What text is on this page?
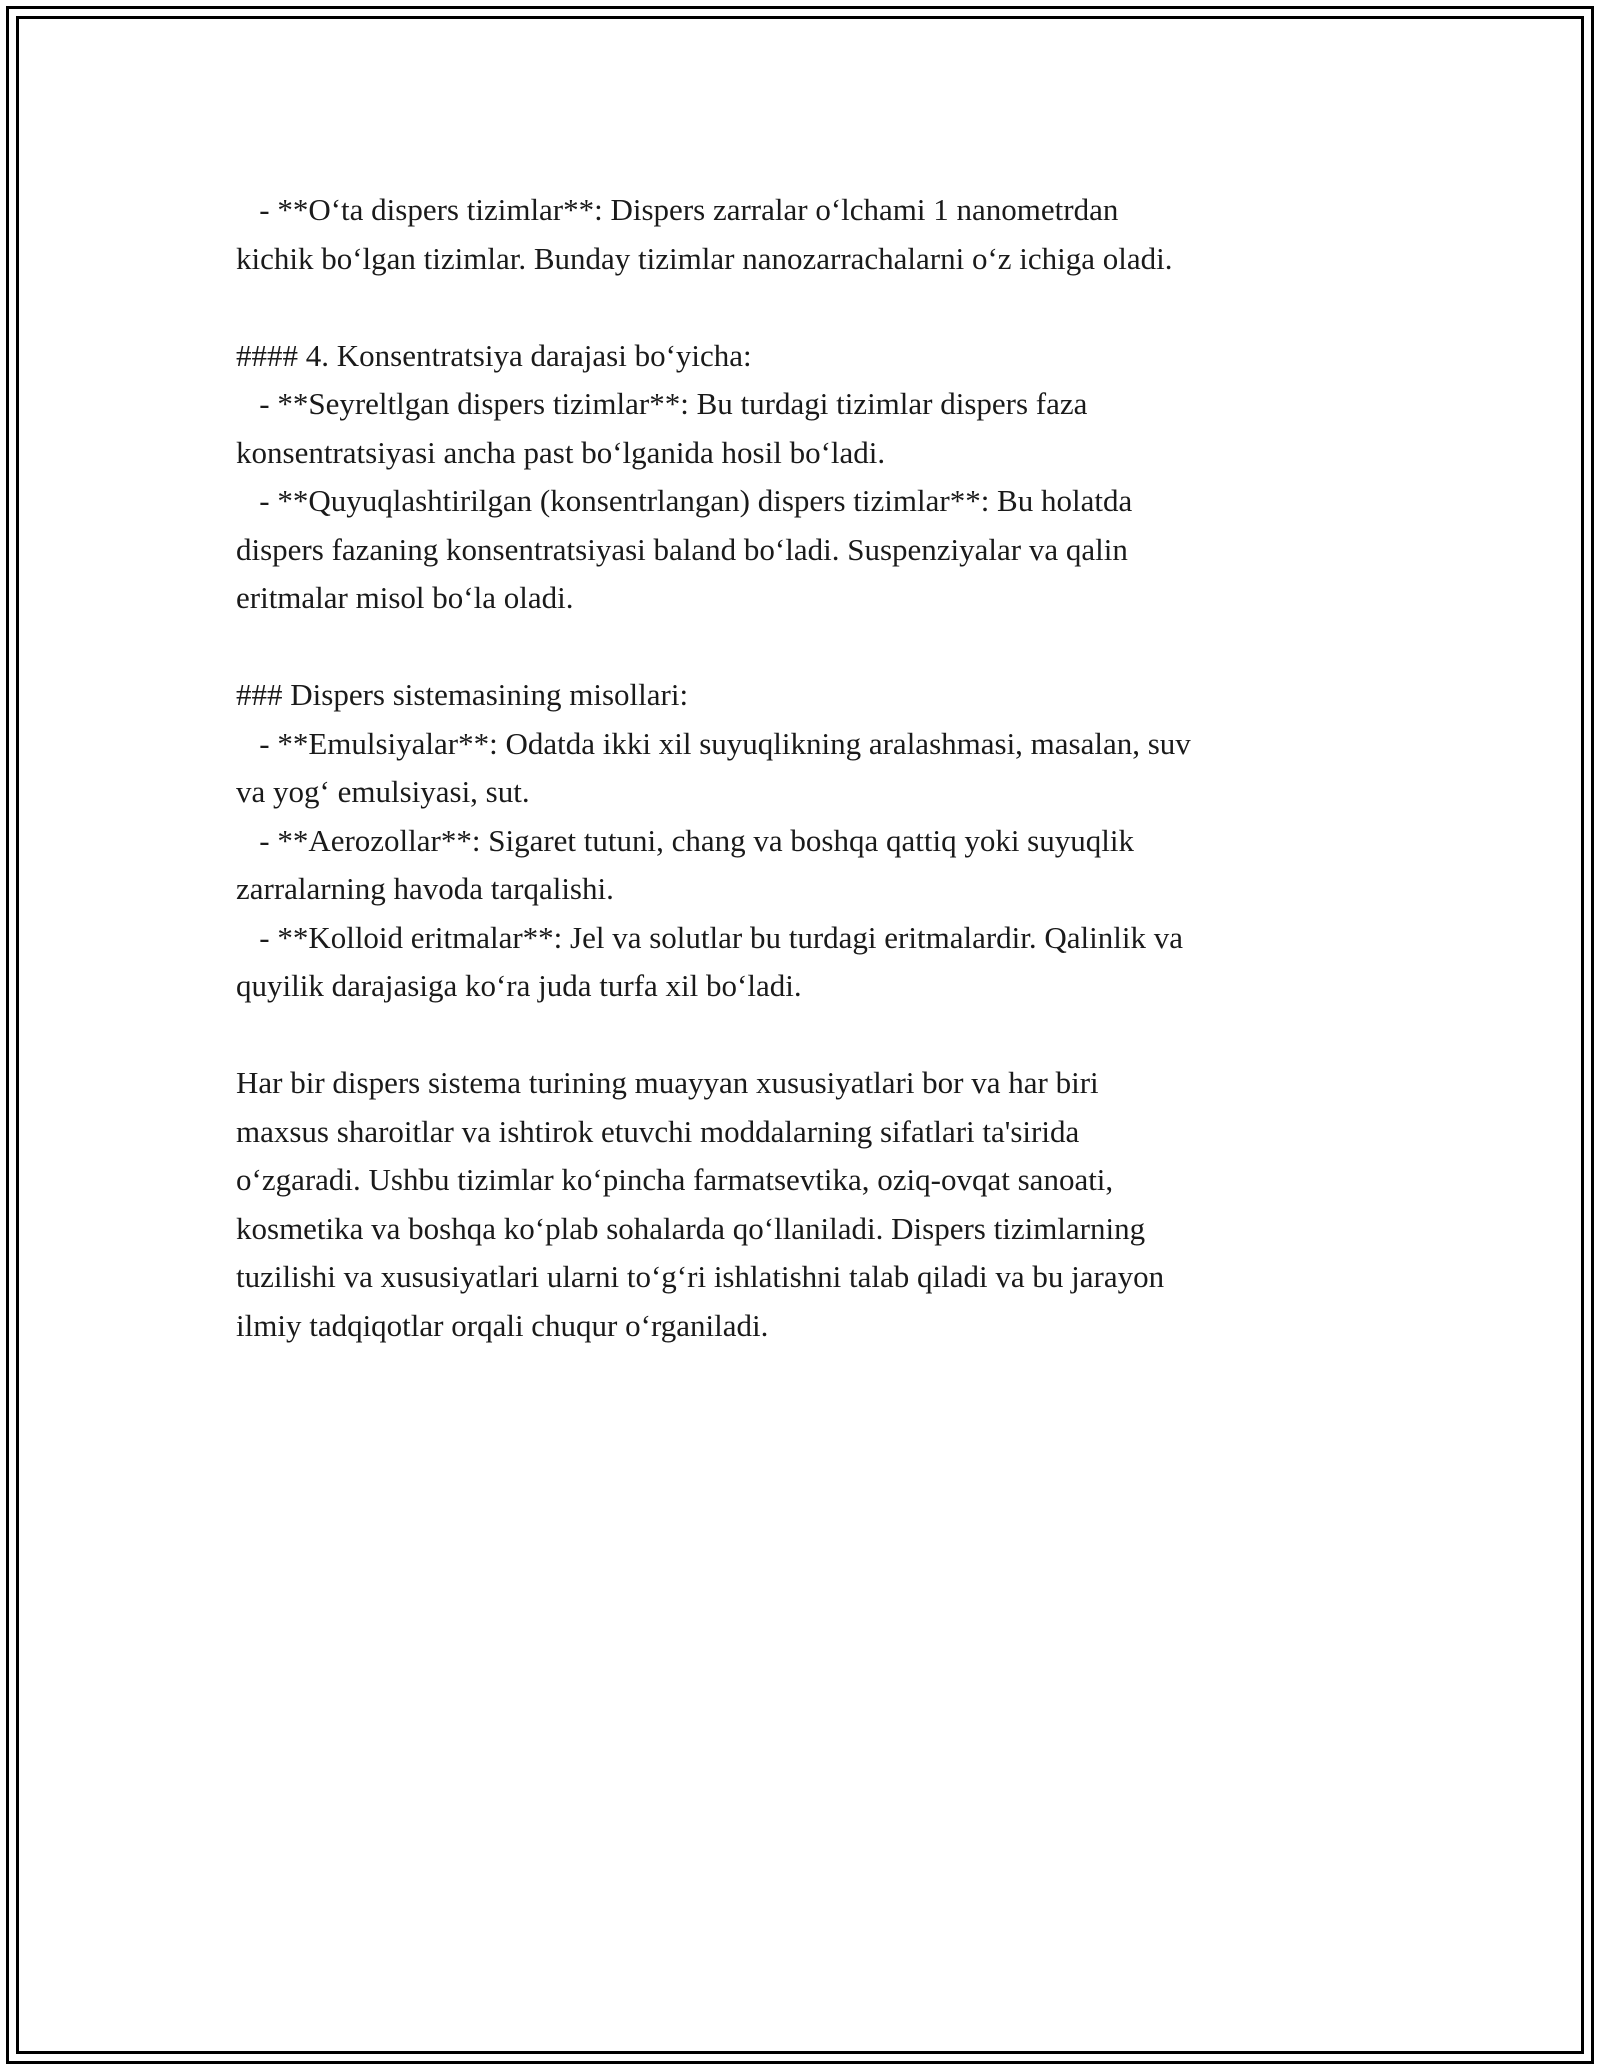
- **O‘ta dispers tizimlar**: Dispers zarralar o‘lchami 1 nanometrdan
kichik bo‘lgan tizimlar. Bunday tizimlar nanozarrachalarni o‘z ichiga oladi.
#### 4. Konsentratsiya darajasi bo‘yicha:
- **Seyreltlgan dispers tizimlar**: Bu turdagi tizimlar dispers faza
konsentratsiyasi ancha past bo‘lganida hosil bo‘ladi.
- **Quyuqlashtirilgan (konsentrlangan) dispers tizimlar**: Bu holatda
dispers fazaning konsentratsiyasi baland bo‘ladi. Suspenziyalar va qalin
eritmalar misol bo‘la oladi.
### Dispers sistemasining misollari:
- **Emulsiyalar**: Odatda ikki xil suyuqlikning aralashmasi, masalan, suv
va yog‘ emulsiyasi, sut.
- **Aerozollar**: Sigaret tutuni, chang va boshqa qattiq yoki suyuqlik
zarralarning havoda tarqalishi.
- **Kolloid eritmalar**: Jel va solutlar bu turdagi eritmalardir. Qalinlik va
quyilik darajasiga ko‘ra juda turfa xil bo‘ladi.
Har bir dispers sistema turining muayyan xususiyatlari bor va har biri
maxsus sharoitlar va ishtirok etuvchi moddalarning sifatlari ta'sirida
o‘zgaradi. Ushbu tizimlar ko‘pincha farmatsevtika, oziq-ovqat sanoati,
kosmetika va boshqa ko‘plab sohalarda qo‘llaniladi. Dispers tizimlarning
tuzilishi va xususiyatlari ularni to‘g‘ri ishlatishni talab qiladi va bu jarayon
ilmiy tadqiqotlar orqali chuqur o‘rganiladi.
